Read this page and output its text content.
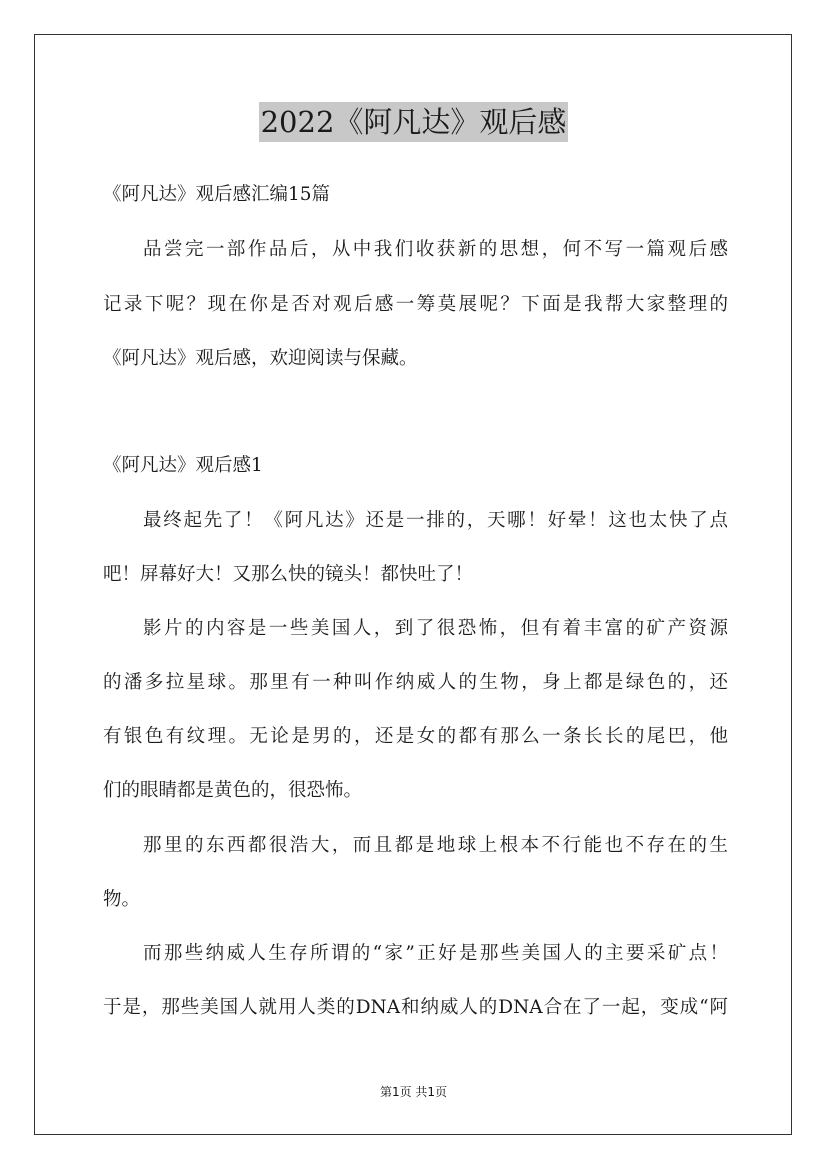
2022《阿凡达》观后感
《阿凡达》观后感汇编15篇
品尝完一部作品后，从中我们收获新的思想，何不写一篇观后感
记录下呢？现在你是否对观后感一筹莫展呢？下面是我帮大家整理的
《阿凡达》观后感，欢迎阅读与保藏。
《阿凡达》观后感1
最终起先了！《阿凡达》还是一排的，天哪！好晕！这也太快了点
吧！屏幕好大！又那么快的镜头！都快吐了！
影片的内容是一些美国人，到了很恐怖，但有着丰富的矿产资源
的潘多拉星球。那里有一种叫作纳威人的生物，身上都是绿色的，还
有银色有纹理。无论是男的，还是女的都有那么一条长长的尾巴，他
们的眼睛都是黄色的，很恐怖。
那里的东西都很浩大，而且都是地球上根本不行能也不存在的生
物。
而那些纳威人生存所谓的“家”正好是那些美国人的主要采矿点！
于是，那些美国人就用人类的DNA和纳威人的DNA合在了一起，变成“阿
第1页 共1页
